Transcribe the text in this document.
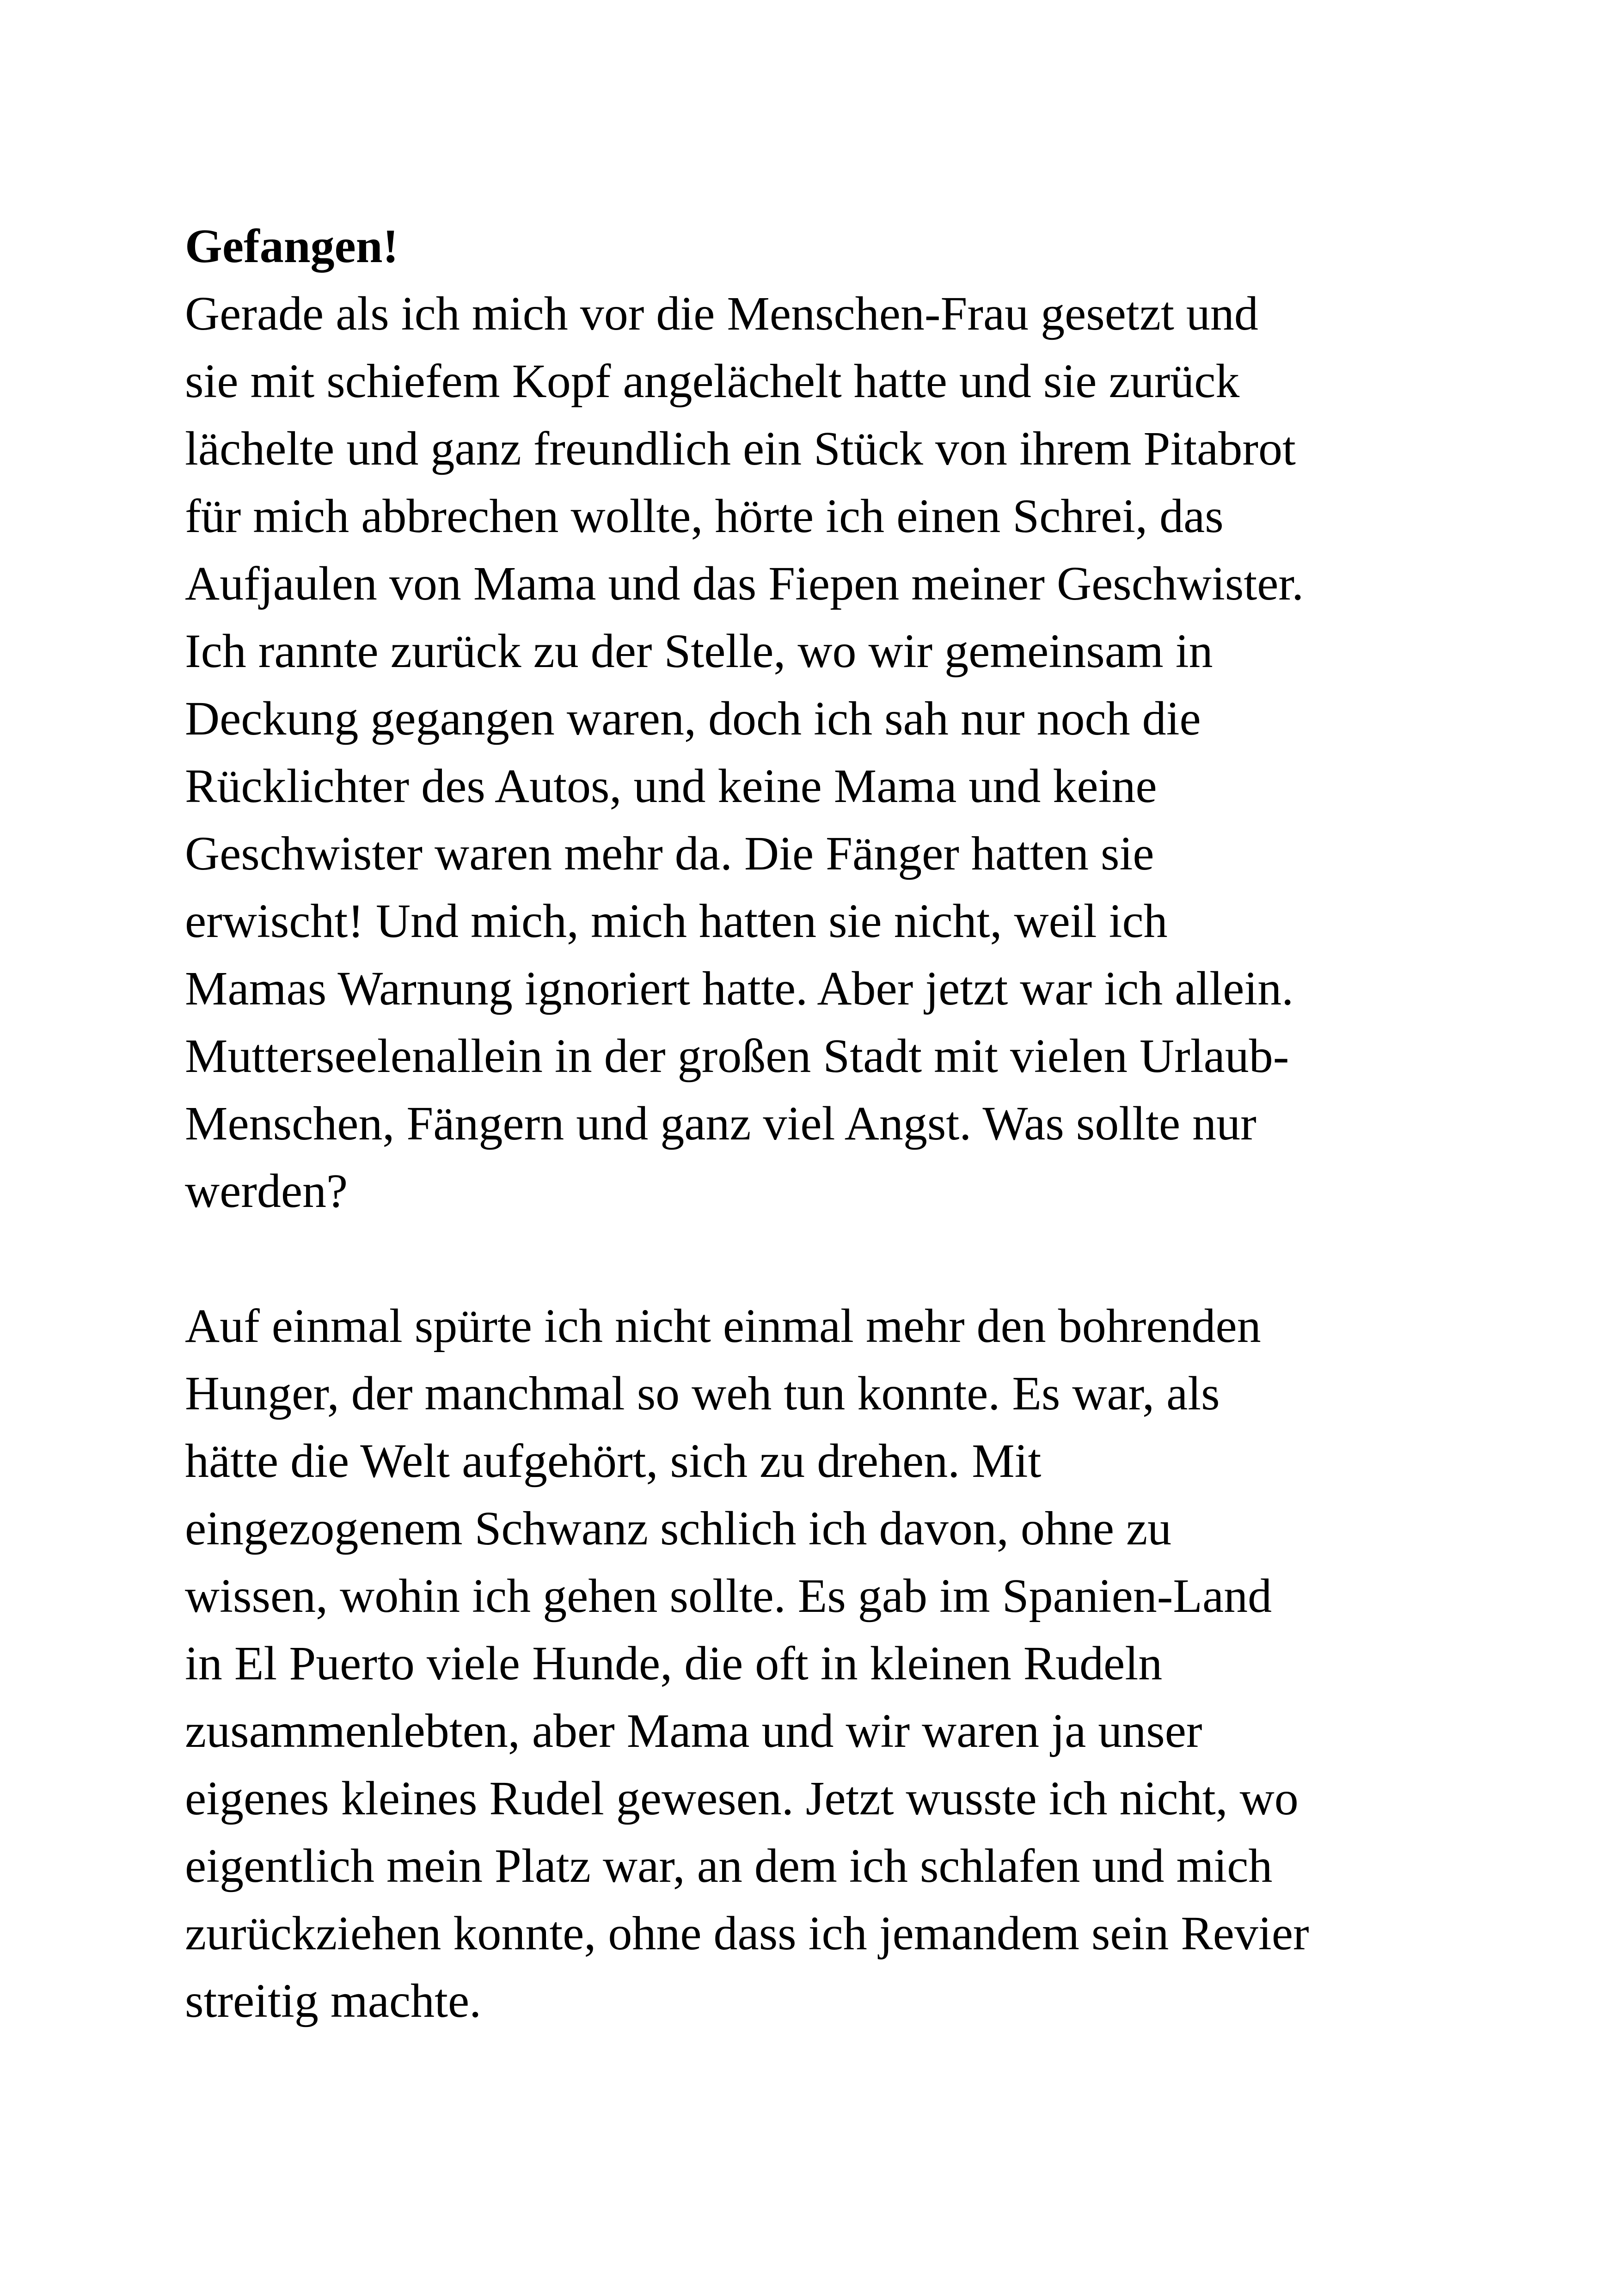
Gefangen!
Gerade als ich mich vor die Menschen-Frau gesetzt und
sie mit schiefem Kopf angelächelt hatte und sie zurück
lächelte und ganz freundlich ein Stück von ihrem Pitabrot
für mich abbrechen wollte, hörte ich einen Schrei, das
Aufjaulen von Mama und das Fiepen meiner Geschwister.
Ich rannte zurück zu der Stelle, wo wir gemeinsam in
Deckung gegangen waren, doch ich sah nur noch die
Rücklichter des Autos, und keine Mama und keine
Geschwister waren mehr da. Die Fänger hatten sie
erwischt! Und mich, mich hatten sie nicht, weil ich
Mamas Warnung ignoriert hatte. Aber jetzt war ich allein.
Mutterseelenallein in der großen Stadt mit vielen Urlaub-
Menschen, Fängern und ganz viel Angst. Was sollte nur
werden?
Auf einmal spürte ich nicht einmal mehr den bohrenden
Hunger, der manchmal so weh tun konnte. Es war, als
hätte die Welt aufgehört, sich zu drehen. Mit
eingezogenem Schwanz schlich ich davon, ohne zu
wissen, wohin ich gehen sollte. Es gab im Spanien-Land
in El Puerto viele Hunde, die oft in kleinen Rudeln
zusammenlebten, aber Mama und wir waren ja unser
eigenes kleines Rudel gewesen. Jetzt wusste ich nicht, wo
eigentlich mein Platz war, an dem ich schlafen und mich
zurückziehen konnte, ohne dass ich jemandem sein Revier
streitig machte.
